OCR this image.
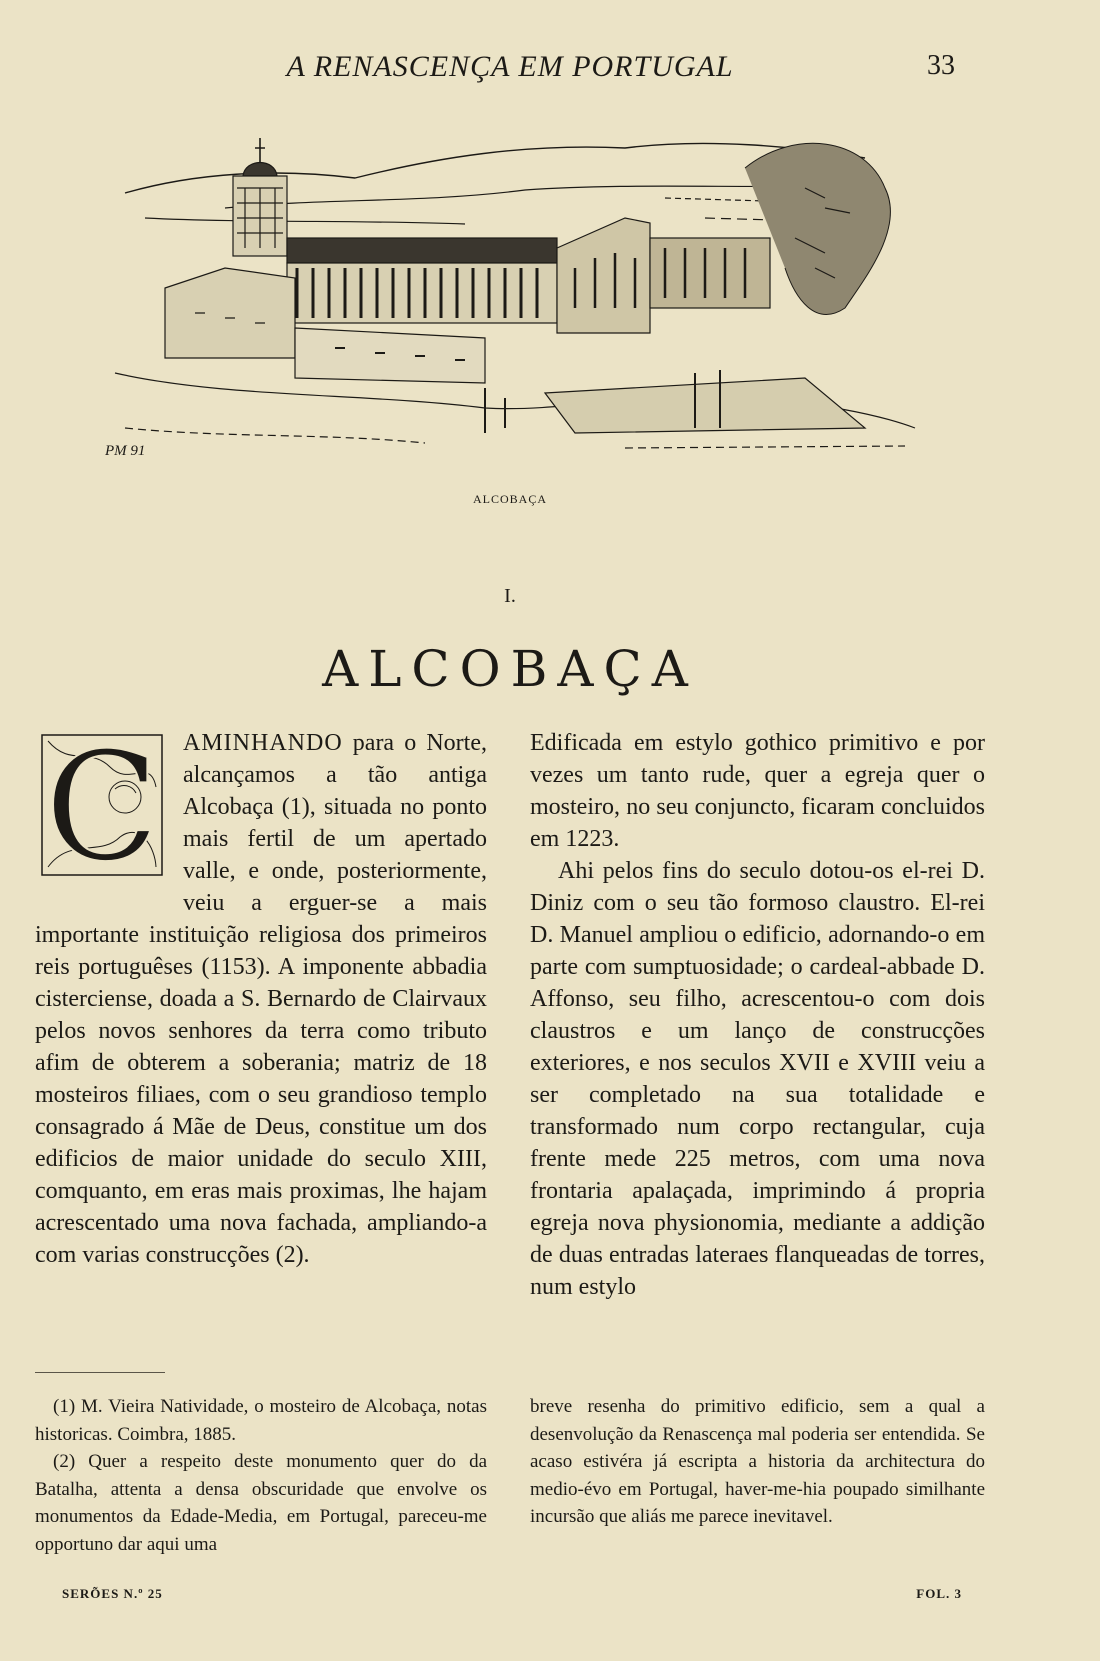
A RENASCENÇA EM PORTUGAL	33
PM 91
ALCOBAÇA
I.
ALCOBAÇA
C AMINHANDO para o Norte, alcançamos a tão antiga Alcobaça (1), situada no ponto mais fertil de um apertado valle, e onde, posteriormente, veiu a erguer-se a mais importante instituição religiosa dos primeiros reis portuguêses (1153). A imponente abbadia cisterciense, doada a S. Bernardo de Clairvaux pelos novos senhores da terra como tributo afim de obterem a soberania; matriz de 18 mosteiros filiaes, com o seu grandioso templo consagrado á Mãe de Deus, constitue um dos edificios de maior unidade do seculo XIII, comquanto, em eras mais proximas, lhe hajam acrescentado uma nova fachada, ampliando-a com varias construcções (2).

Edificada em estylo gothico primitivo e por vezes um tanto rude, quer a egreja quer o mosteiro, no seu conjuncto, ficaram concluidos em 1223.

Ahi pelos fins do seculo dotou-os el-rei D. Diniz com o seu tão formoso claustro. El-rei D. Manuel ampliou o edificio, adornando-o em parte com sumptuosidade; o cardeal-abbade D. Affonso, seu filho, acrescentou-o com dois claustros e um lanço de construcções exteriores, e nos seculos XVII e XVIII veiu a ser completado na sua totalidade e transformado num corpo rectangular, cuja frente mede 225 metros, com uma nova frontaria apalaçada, imprimindo á propria egreja nova physionomia, mediante a addição de duas entradas lateraes flanqueadas de torres, num estylo

(1) M. Vieira Natividade, o mosteiro de Alcobaça, notas historicas. Coimbra, 1885.

(2) Quer a respeito deste monumento quer do da Batalha, attenta a densa obscuridade que envolve os monumentos da Edade-Media, em Portugal, pareceu-me opportuno dar aqui uma

breve resenha do primitivo edificio, sem a qual a desenvolução da Renascença mal poderia ser entendida. Se acaso estivéra já escripta a historia da architectura do medio-évo em Portugal, haver-me-hia poupado similhante incursão que aliás me parece inevitavel.

SERÕES N.º 25	FOL. 3
